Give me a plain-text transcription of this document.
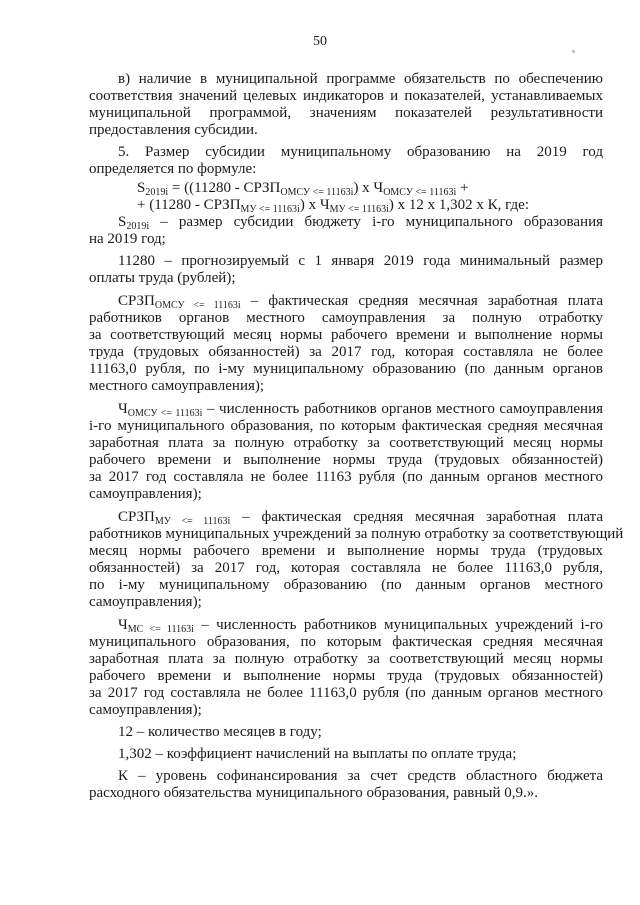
50
в) наличие в муниципальной программе обязательств по обеспечению
соответствия значений целевых индикаторов и показателей, устанавливаемых
муниципальной программой, значениям показателей результативности
предоставления субсидии.
5. Размер субсидии муниципальному образованию на 2019 год
определяется по формуле:
$S_{2019i} = ((11280$ - $СРЗП_{ОМСУ <= 11163i}$) х $Ч_{ОМСУ <= 11163i}$ +
+ $(11280 - СРЗП_{МУ <= 11163i})$ х $Ч_{МУ <= 11163i}$) х 12 х 1,302 х К, где:
$S_{2019i}$ – размер субсидии бюджету i-го муниципального образования
на 2019 год;
11280 – прогнозируемый с 1 января 2019 года минимальный размер
оплаты труда (рублей);
$СРЗП_{ОМСУ <= 11163i}$ – фактическая средняя месячная заработная плата
работников органов местного самоуправления за полную отработку
за соответствующий месяц нормы рабочего времени и выполнение нормы
труда (трудовых обязанностей) за 2017 год, которая составляла не более
11163,0 рубля, по i-му муниципальному образованию (по данным органов
местного самоуправления);
$Ч_{ОМСУ <= 11163i}$ – численность работников органов местного самоуправления
i-го муниципального образования, по которым фактическая средняя месячная
заработная плата за полную отработку за соответствующий месяц нормы
рабочего времени и выполнение нормы труда (трудовых обязанностей)
за 2017 год составляла не более 11163 рубля (по данным органов местного
самоуправления);
$СРЗП_{МУ <= 11163i}$ – фактическая средняя месячная заработная плата
работников муниципальных учреждений за полную отработку за соответствующий
месяц нормы рабочего времени и выполнение нормы труда (трудовых
обязанностей) за 2017 год, которая составляла не более 11163,0 рубля,
по i-му муниципальному образованию (по данным органов местного
самоуправления);
$Ч_{МС <= 11163i}$ – численность работников муниципальных учреждений i-го
муниципального образования, по которым фактическая средняя месячная
заработная плата за полную отработку за соответствующий месяц нормы
рабочего времени и выполнение нормы труда (трудовых обязанностей)
за 2017 год составляла не более 11163,0 рубля (по данным органов местного
самоуправления);
12 – количество месяцев в году;
1,302 – коэффициент начислений на выплаты по оплате труда;
К – уровень софинансирования за счет средств областного бюджета
расходного обязательства муниципального образования, равный 0,9.».
